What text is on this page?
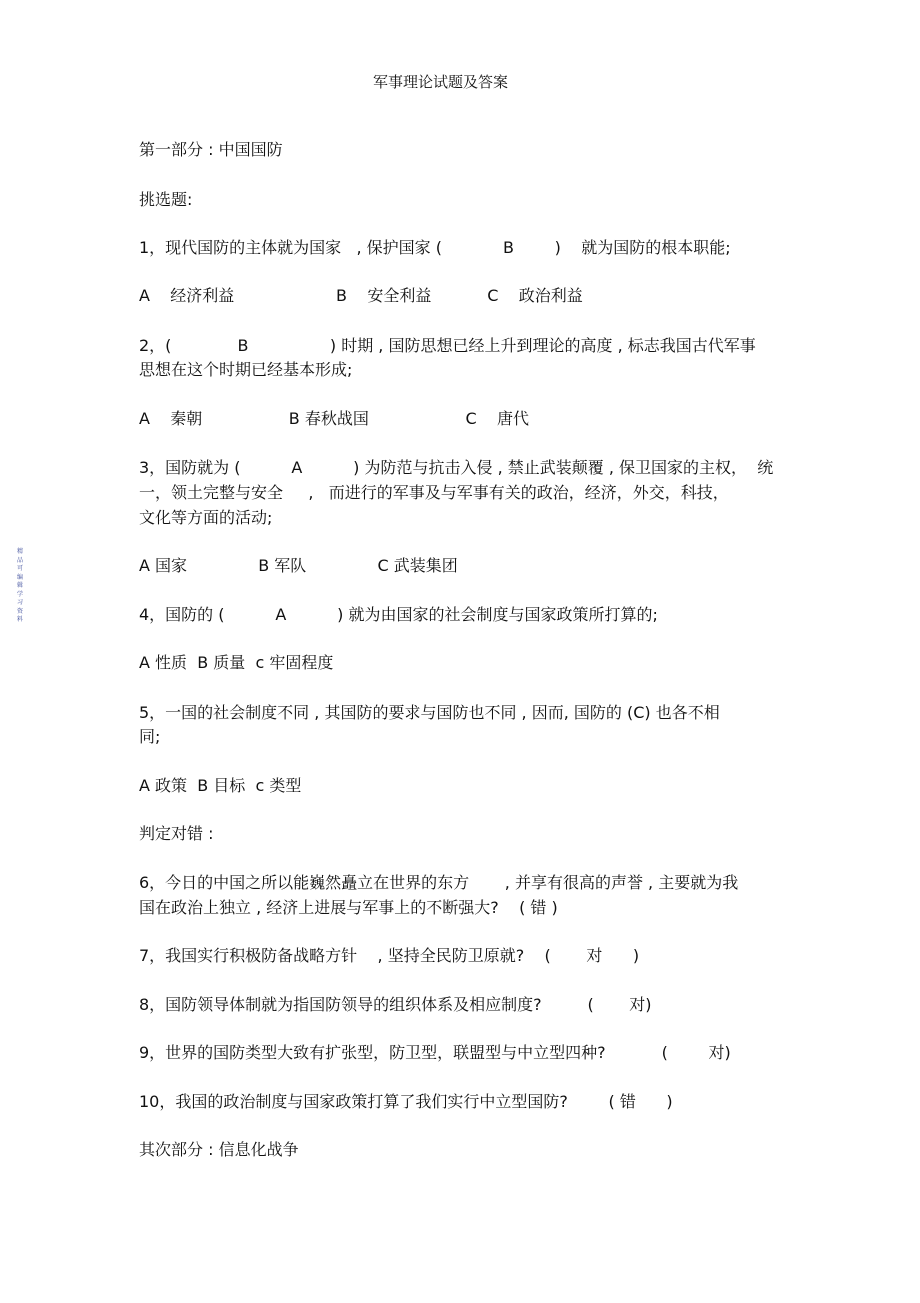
军事理论试题及答案
第一部分 : 中国国防
挑选题:
1，现代国防的主体就为国家   , 保护国家 (            B        )    就为国防的根本职能;
A    经济利益                    B    安全利益           C    政治利益
2，(             B                ) 时期 , 国防思想已经上升到理论的高度 , 标志我国古代军事
思想在这个时期已经基本形成;
A    秦朝                 B 春秋战国                   C    唐代
3，国防就为 (          A          ) 为防范与抗击入侵 , 禁止武装颠覆 , 保卫国家的主权，  统
一，领土完整与安全     ,   而进行的军事及与军事有关的政治，经济，外交，科技，
文化等方面的活动;
A 国家              B 军队              C 武装集团
4，国防的 (          A          ) 就为由国家的社会制度与国家政策所打算的;
A 性质  B 质量  c 牢固程度
5，一国的社会制度不同 , 其国防的要求与国防也不同 , 因而, 国防的 (C) 也各不相
同;
A 政策  B 目标  c 类型
判定对错 :
6，今日的中国之所以能巍然矗立在世界的东方       , 并享有很高的声誉 , 主要就为我
国在政治上独立 , 经济上进展与军事上的不断强大?    ( 错 )
7，我国实行积极防备战略方针    , 坚持全民防卫原就?    (       对      )
8，国防领导体制就为指国防领导的组织体系及相应制度?         (       对)
9，世界的国防类型大致有扩张型，防卫型，联盟型与中立型四种?           (        对)
10，我国的政治制度与国家政策打算了我们实行中立型国防?        ( 错      )
其次部分 : 信息化战争
精品可编辑学习资料
